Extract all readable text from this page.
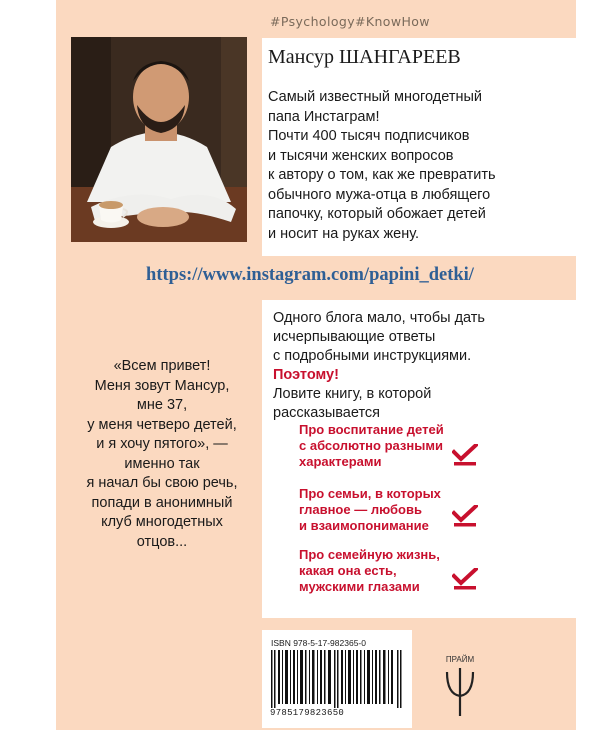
#Psychology#KnowHow
Мансур ШАНГАРЕЕВ

Самый известный многодетный
папа Инстаграм!
Почти 400 тысяч подписчиков
и тысячи женских вопросов
к автору о том, как же превратить
обычного мужа-отца в любящего
папочку, который обожает детей
и носит на руках жену.

https://www.instagram.com/papini_detki/

Одного блога мало, чтобы дать
исчерпывающие ответы
с подробными инструкциями.
Поэтому!
Ловите книгу, в которой
рассказывается

Про воспитание детей
с абсолютно разными
характерами

Про семьи, в которых
главное — любовь
и взаимопонимание

Про семейную жизнь,
какая она есть,
мужскими глазами

«Всем привет!
Меня зовут Мансур,
мне 37,
у меня четверо детей,
и я хочу пятого», —
именно так
я начал бы свою речь,
попади в анонимный
клуб многодетных
отцов...

ISBN 978-5-17-982365-0
9785179823650
ПРАЙМ
